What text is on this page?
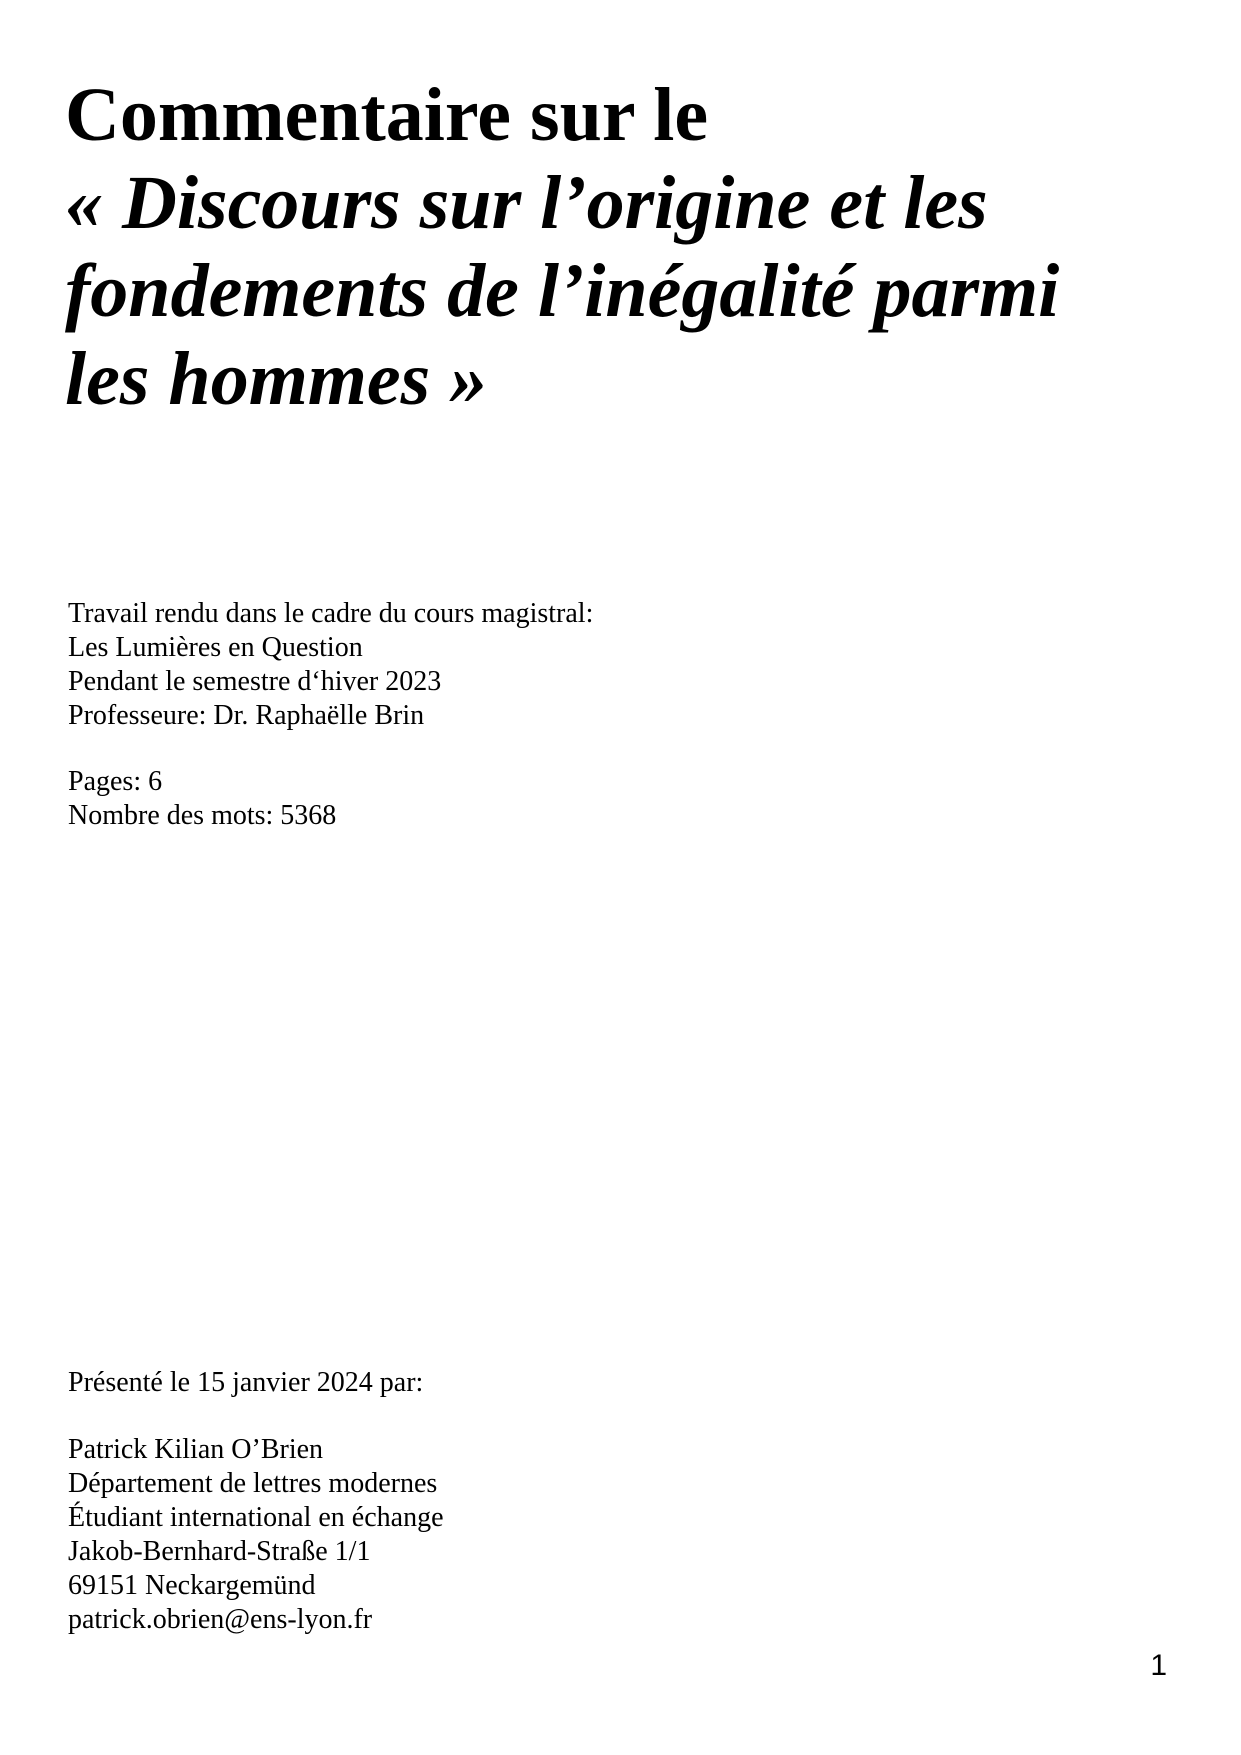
Commentaire sur le
« Discours sur l’origine et les
fondements de l’inégalité parmi
les hommes »
Travail rendu dans le cadre du cours magistral:
Les Lumières en Question
Pendant le semestre d‘hiver 2023
Professeure: Dr. Raphaëlle Brin
Pages: 6
Nombre des mots: 5368
Présenté le 15 janvier 2024 par:
Patrick Kilian O’Brien
Département de lettres modernes
Étudiant international en échange
Jakob-Bernhard-Straße 1/1
69151 Neckargemünd
patrick.obrien@ens-lyon.fr
1
